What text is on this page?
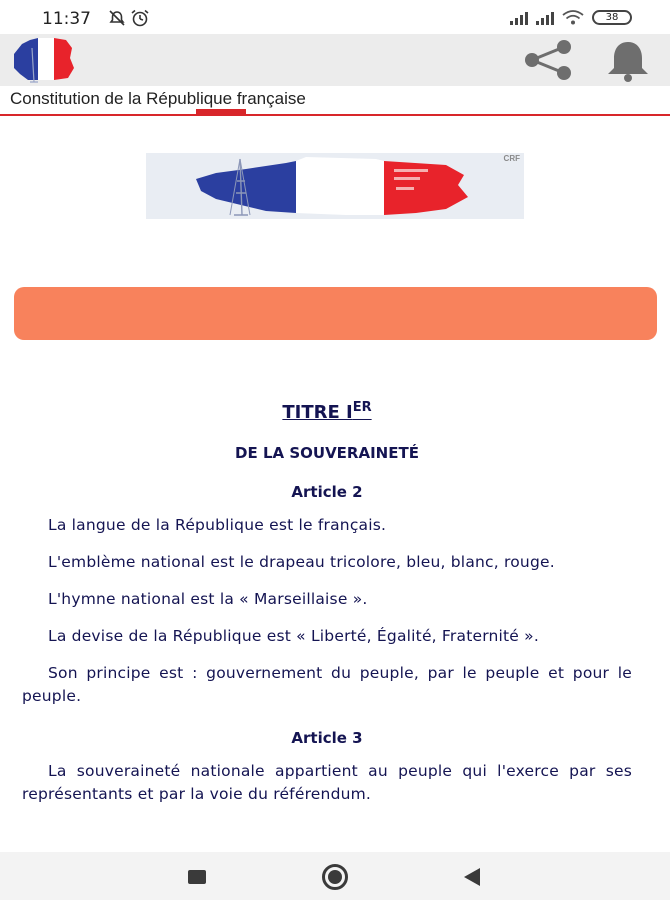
11:37
	38
Constitution de la République française
CRF
TITRE IER
DE LA SOUVERAINETÉ
Article 2

La langue de la République est le français.

L'emblème national est le drapeau tricolore, bleu, blanc, rouge.

L'hymne national est la « Marseillaise ».

La devise de la République est « Liberté, Égalité, Fraternité ».

Son principe est : gouvernement du peuple, par le peuple et pour le peuple.

Article 3

La souveraineté nationale appartient au peuple qui l'exerce par ses représentants et par la voie du référendum.
